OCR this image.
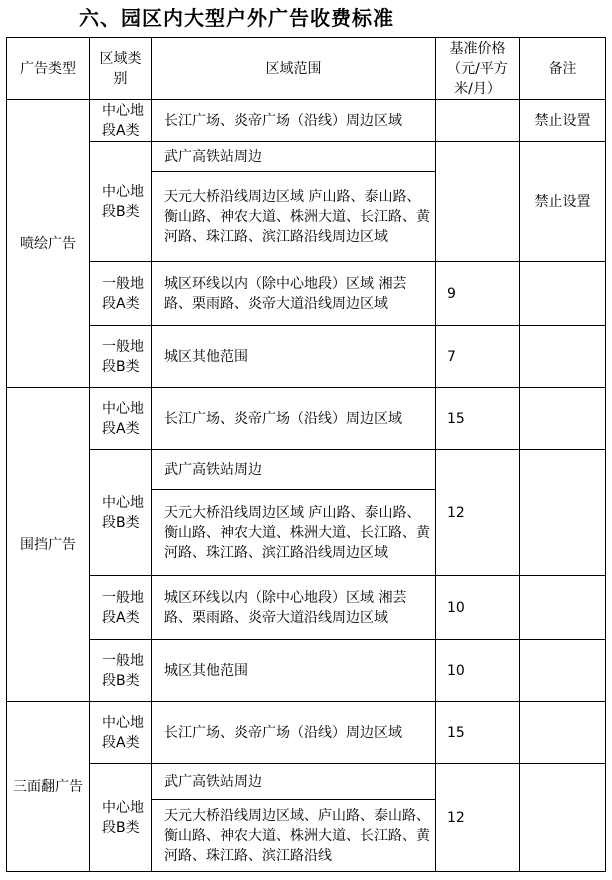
六、园区内大型户外广告收费标准
广告类型	区域类别	区域范围	基准价格（元/平方米/月）	备注
喷绘广告	中心地段A类	长江广场、炎帝广场（沿线）周边区域		禁止设置
	中心地段B类	武广高铁站周边		禁止设置
		天元大桥沿线周边区域 庐山路、泰山路、衡山路、神农大道、株洲大道、长江路、黄河路、珠江路、滨江路沿线周边区域		
	一般地段A类	城区环线以内（除中心地段）区域 湘芸路、栗雨路、炎帝大道沿线周边区域	9	
	一般地段B类	城区其他范围	7	
围挡广告	中心地段A类	长江广场、炎帝广场（沿线）周边区域	15	
	中心地段B类	武广高铁站周边	12	
		天元大桥沿线周边区域 庐山路、泰山路、衡山路、神农大道、株洲大道、长江路、黄河路、珠江路、滨江路沿线周边区域		
	一般地段A类	城区环线以内（除中心地段）区域 湘芸路、栗雨路、炎帝大道沿线周边区域	10	
	一般地段B类	城区其他范围	10	
三面翻广告	中心地段A类	长江广场、炎帝广场（沿线）周边区域	15	
	中心地段B类	武广高铁站周边	12	
		天元大桥沿线周边区域、庐山路、泰山路、衡山路、神农大道、株洲大道、长江路、黄河路、珠江路、滨江路沿线		
